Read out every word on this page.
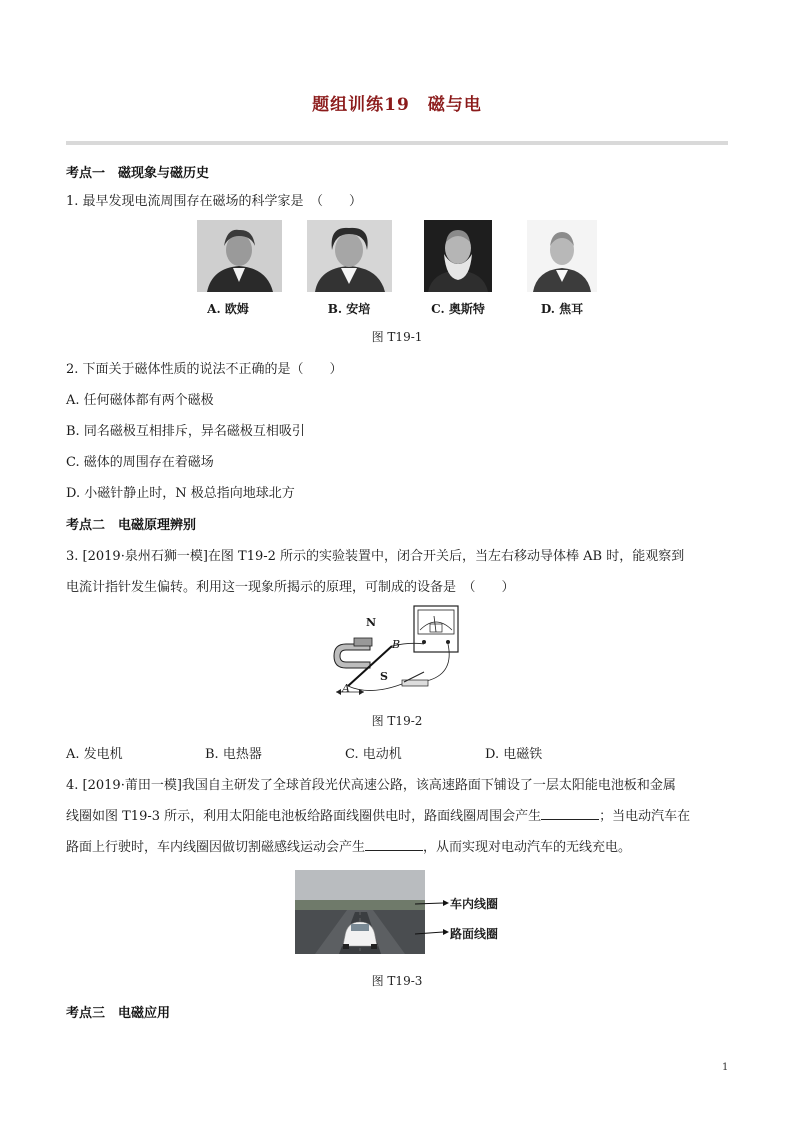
题组训练19　磁与电
考点一　磁现象与磁历史
1. 最早发现电流周围存在磁场的科学家是　（　　）
A. 欧姆	B. 安培	C. 奥斯特	D. 焦耳
图 T19-1
2. 下面关于磁体性质的说法不正确的是（　　）
A. 任何磁体都有两个磁极
B. 同名磁极互相排斥，异名磁极互相吸引
C. 磁体的周围存在着磁场
D. 小磁针静止时，N 极总指向地球北方
考点二　电磁原理辨别
3. [2019·泉州石狮一模]在图 T19-2 所示的实验装置中，闭合开关后，当左右移动导体棒 AB 时，能观察到
电流计指针发生偏转。利用这一现象所揭示的原理，可制成的设备是　（　　）
N
S
A
B
图 T19-2
A. 发电机	B. 电热器	C. 电动机	D. 电磁铁
4. [2019·莆田一模]我国自主研发了全球首段光伏高速公路，该高速路面下铺设了一层太阳能电池板和金属
线圈如图 T19-3 所示，利用太阳能电池板给路面线圈供电时，路面线圈周围会产生	；当电动汽车在
路面上行驶时，车内线圈因做切割磁感线运动会产生	，从而实现对电动汽车的无线充电。
车内线圈
路面线圈
图 T19-3
考点三　电磁应用
1
